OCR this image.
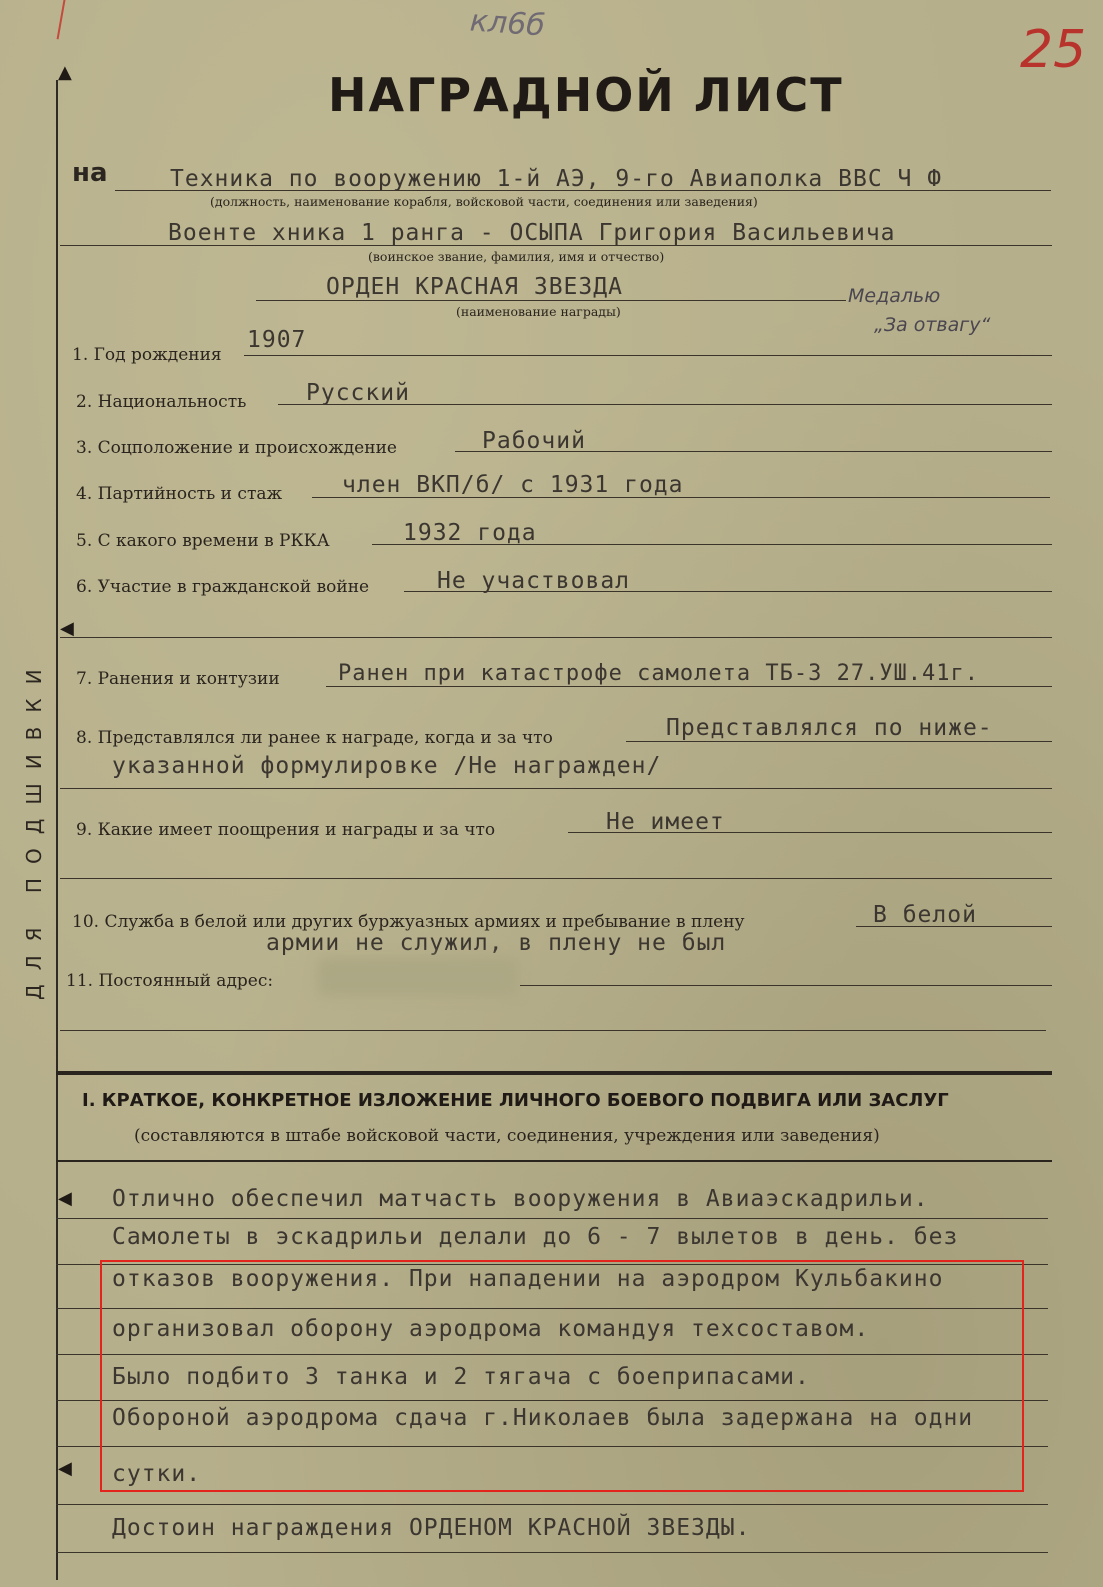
кл6б	25
ДЛЯ ПОДШИВКИ
▲
◀
◀
◀
НАГРАДНОЙ ЛИСТ
на	Техника по вооружению 1-й АЭ, 9-го Авиаполка ВВС Ч Ф
(должность, наименование корабля, войсковой части, соединения или заведения)
Военте хника 1 ранга - ОСЫПА Григория Васильевича
(воинское звание, фамилия, имя и отчество)
ОРДЕН КРАСНАЯ ЗВЕЗДА
(наименование награды)
Медалью
„За отвагу“
1. Год рождения
1907
2. Национальность	Русский
3. Соцположение и происхождение	Рабочий
4. Партийность и стаж	член ВКП/б/ с 1931 года
5. С какого времени в РККА	1932 года
6. Участие в гражданской войне	Не участвовал
7. Ранения и контузии	Ранен при катастрофе самолета ТБ-3 27.УШ.41г.
8. Представлялся ли ранее к награде, когда и за что	Представлялся по ниже-
указанной формулировке /Не награжден/
9. Какие имеет поощрения и награды и за что	Не имеет
10. Служба в белой или других буржуазных армиях и пребывание в плену	В белой
армии не служил, в плену не был
11. Постоянный адрес:
I. КРАТКОЕ, КОНКРЕТНОЕ ИЗЛОЖЕНИЕ ЛИЧНОГО БОЕВОГО ПОДВИГА ИЛИ ЗАСЛУГ
(составляются в штабе войсковой части, соединения, учреждения или заведения)
Отлично обеспечил матчасть вооружения в Авиаэскадрильи.
Самолеты в эскадрильи делали до 6 - 7 вылетов в день. без
отказов вооружения. При нападении на аэродром Кульбакино
организовал оборону аэродрома командуя техсоставом.
Было подбито 3 танка и 2 тягача с боеприпасами.
Обороной аэродрома сдача г.Николаев была задержана на одни
сутки.
Достоин награждения ОРДЕНОМ КРАСНОЙ ЗВЕЗДЫ.
